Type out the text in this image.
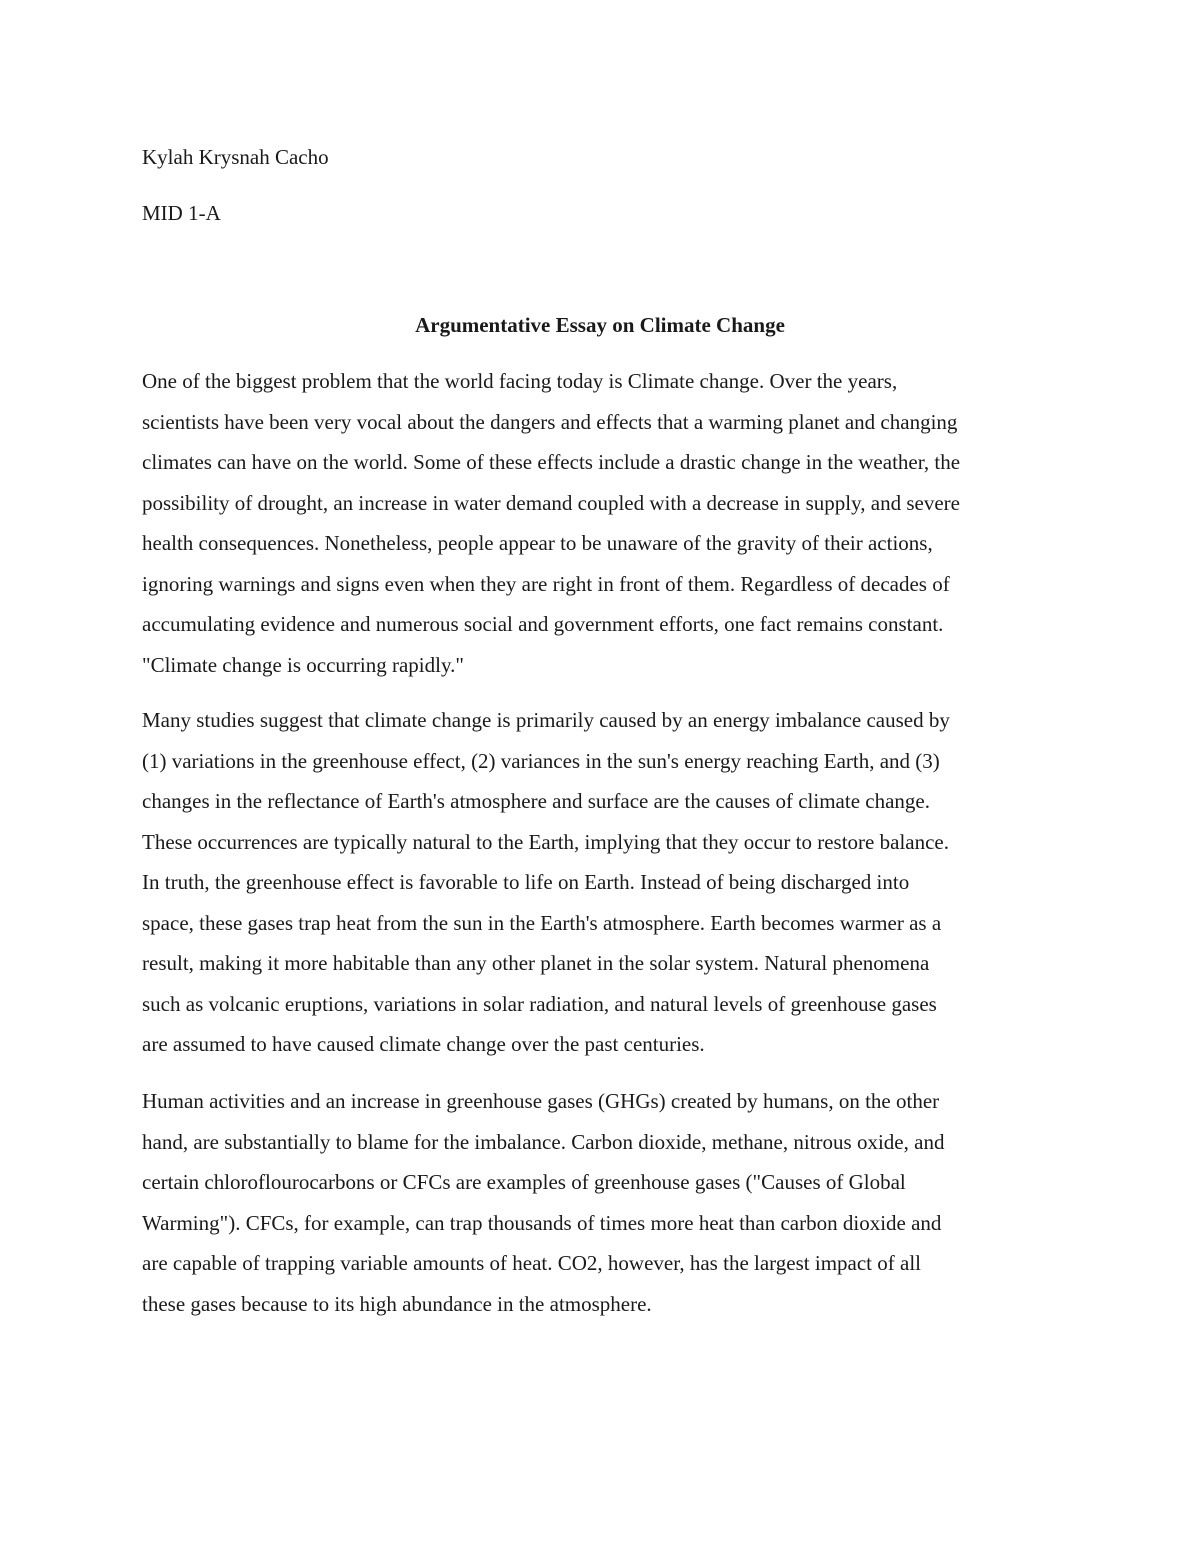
Kylah Krysnah Cacho
MID 1-A
Argumentative Essay on Climate Change
One of the biggest problem that the world facing today is Climate change. Over the years,
scientists have been very vocal about the dangers and effects that a warming planet and changing
climates can have on the world. Some of these effects include a drastic change in the weather, the
possibility of drought, an increase in water demand coupled with a decrease in supply, and severe
health consequences. Nonetheless, people appear to be unaware of the gravity of their actions,
ignoring warnings and signs even when they are right in front of them. Regardless of decades of
accumulating evidence and numerous social and government efforts, one fact remains constant.
"Climate change is occurring rapidly."
Many studies suggest that climate change is primarily caused by an energy imbalance caused by
(1) variations in the greenhouse effect, (2) variances in the sun's energy reaching Earth, and (3)
changes in the reflectance of Earth's atmosphere and surface are the causes of climate change.
These occurrences are typically natural to the Earth, implying that they occur to restore balance.
In truth, the greenhouse effect is favorable to life on Earth. Instead of being discharged into
space, these gases trap heat from the sun in the Earth's atmosphere. Earth becomes warmer as a
result, making it more habitable than any other planet in the solar system. Natural phenomena
such as volcanic eruptions, variations in solar radiation, and natural levels of greenhouse gases
are assumed to have caused climate change over the past centuries.
Human activities and an increase in greenhouse gases (GHGs) created by humans, on the other
hand, are substantially to blame for the imbalance. Carbon dioxide, methane, nitrous oxide, and
certain chloroflourocarbons or CFCs are examples of greenhouse gases ("Causes of Global
Warming"). CFCs, for example, can trap thousands of times more heat than carbon dioxide and
are capable of trapping variable amounts of heat. CO2, however, has the largest impact of all
these gases because to its high abundance in the atmosphere.
